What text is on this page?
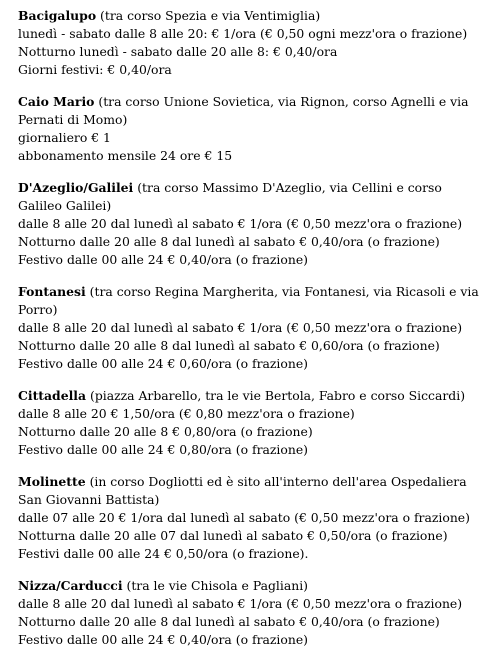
Bacigalupo (tra corso Spezia e via Ventimiglia)
lunedì - sabato dalle 8 alle 20: € 1/ora (€ 0,50 ogni mezz'ora o frazione)
Notturno lunedì - sabato dalle 20 alle 8: € 0,40/ora
Giorni festivi: € 0,40/ora
Caio Mario (tra corso Unione Sovietica, via Rignon, corso Agnelli e via Pernati di Momo)
giornaliero € 1
abbonamento mensile 24 ore € 15
D'Azeglio/Galilei (tra corso Massimo D'Azeglio, via Cellini e corso Galileo Galilei)
dalle 8 alle 20 dal lunedì al sabato € 1/ora (€ 0,50 mezz'ora o frazione)
Notturno dalle 20 alle 8 dal lunedì al sabato € 0,40/ora (o frazione)
Festivo dalle 00 alle 24 € 0,40/ora (o frazione)
Fontanesi (tra corso Regina Margherita, via Fontanesi, via Ricasoli e via Porro)
dalle 8 alle 20 dal lunedì al sabato € 1/ora (€ 0,50 mezz'ora o frazione)
Notturno dalle 20 alle 8 dal lunedì al sabato € 0,60/ora (o frazione)
Festivo dalle 00 alle 24 € 0,60/ora (o frazione)
Cittadella (piazza Arbarello, tra le vie Bertola, Fabro e corso Siccardi)
dalle 8 alle 20 € 1,50/ora (€ 0,80 mezz'ora o frazione)
Notturno dalle 20 alle 8 € 0,80/ora (o frazione)
Festivo dalle 00 alle 24 € 0,80/ora (o frazione)
Molinette (in corso Dogliotti ed è sito all'interno dell'area Ospedaliera San Giovanni Battista)
dalle 07 alle 20 € 1/ora dal lunedì al sabato (€ 0,50 mezz'ora o frazione)
Notturna dalle 20 alle 07 dal lunedì al sabato € 0,50/ora (o frazione)
Festivi dalle 00 alle 24 € 0,50/ora (o frazione).
Nizza/Carducci (tra le vie Chisola e Pagliani)
dalle 8 alle 20 dal lunedì al sabato € 1/ora (€ 0,50 mezz'ora o frazione)
Notturno dalle 20 alle 8 dal lunedì al sabato € 0,40/ora (o frazione)
Festivo dalle 00 alle 24 € 0,40/ora (o frazione)
